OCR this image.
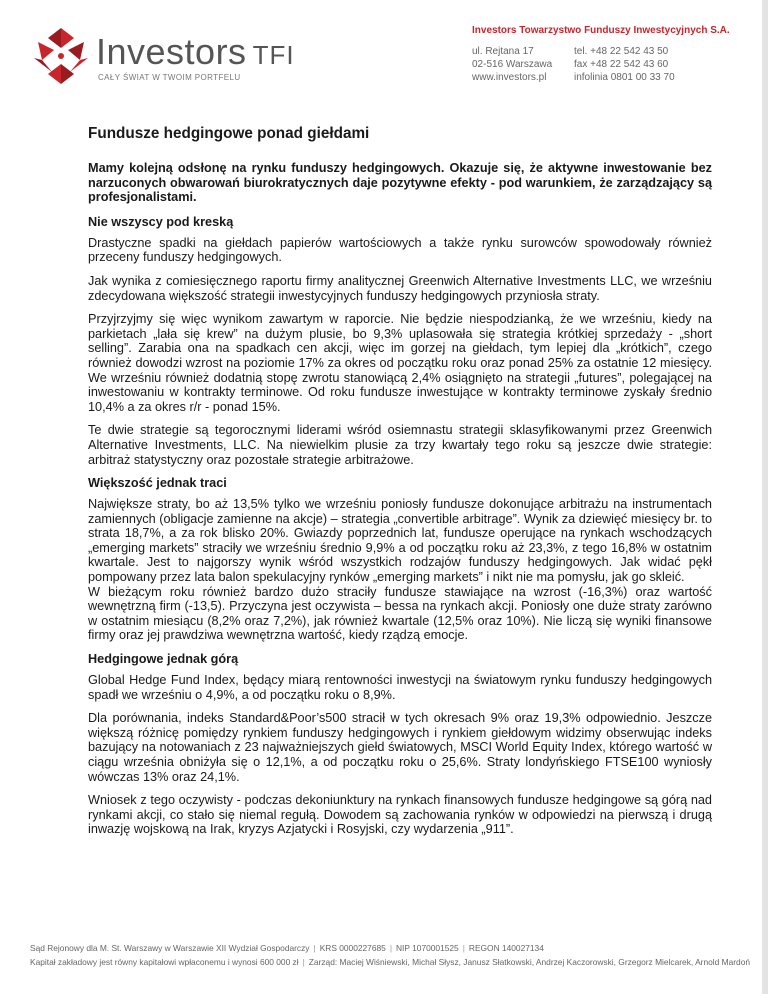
Investors TFI
CAŁY ŚWIAT W TWOIM PORTFELU
Investors Towarzystwo Funduszy Inwestycyjnych S.A.
ul. Rejtana 17
02-516 Warszawa
www.investors.pl
tel. +48 22 542 43 50
fax +48 22 542 43 60
infolinia 0801 00 33 70
Fundusze hedgingowe ponad giełdami

Mamy kolejną odsłonę na rynku funduszy hedgingowych. Okazuje się, że aktywne inwestowanie bez narzuconych obwarowań biurokratycznych daje pozytywne efekty - pod warunkiem, że zarządzający są profesjonalistami.

Nie wszyscy pod kreską

Drastyczne spadki na giełdach papierów wartościowych a także rynku surowców spowodowały również przeceny funduszy hedgingowych.

Jak wynika z comiesięcznego raportu firmy analitycznej Greenwich Alternative Investments LLC, we wrześniu zdecydowana większość strategii inwestycyjnych funduszy hedgingowych przyniosła straty.

Przyjrzyjmy się więc wynikom zawartym w raporcie. Nie będzie niespodzianką, że we wrześniu, kiedy na parkietach „lała się krew” na dużym plusie, bo 9,3% uplasowała się strategia krótkiej sprzedaży - „short selling”. Zarabia ona na spadkach cen akcji, więc im gorzej na giełdach, tym lepiej dla „krótkich”, czego również dowodzi wzrost na poziomie 17% za okres od początku roku oraz ponad 25% za ostatnie 12 miesięcy. We wrześniu również dodatnią stopę zwrotu stanowiącą 2,4% osiągnięto na strategii „futures”, polegającej na inwestowaniu w kontrakty terminowe. Od roku fundusze inwestujące w kontrakty terminowe zyskały średnio 10,4% a za okres r/r - ponad 15%.

Te dwie strategie są tegorocznymi liderami wśród osiemnastu strategii sklasyfikowanymi przez Greenwich Alternative Investments, LLC. Na niewielkim plusie za trzy kwartały tego roku są jeszcze dwie strategie: arbitraż statystyczny oraz pozostałe strategie arbitrażowe.

Większość jednak traci

Największe straty, bo aż 13,5% tylko we wrześniu poniosły fundusze dokonujące arbitrażu na instrumentach zamiennych (obligacje zamienne na akcje) – strategia „convertible arbitrage”. Wynik za dziewięć miesięcy br. to strata 18,7%, a za rok blisko 20%. Gwiazdy poprzednich lat, fundusze operujące na rynkach wschodzących „emerging markets” straciły we wrześniu średnio 9,9% a od początku roku aż 23,3%, z tego 16,8% w ostatnim kwartale. Jest to najgorszy wynik wśród wszystkich rodzajów funduszy hedgingowych. Jak widać pękł pompowany przez lata balon spekulacyjny rynków „emerging markets” i nikt nie ma pomysłu, jak go skleić.

W bieżącym roku również bardzo dużo straciły fundusze stawiające na wzrost (-16,3%) oraz wartość wewnętrzną firm (-13,5). Przyczyna jest oczywista – bessa na rynkach akcji. Poniosły one duże straty zarówno w ostatnim miesiącu (8,2% oraz 7,2%), jak również kwartale (12,5% oraz 10%). Nie liczą się wyniki finansowe firmy oraz jej prawdziwa wewnętrzna wartość, kiedy rządzą emocje.

Hedgingowe jednak górą

Global Hedge Fund Index, będący miarą rentowności inwestycji na światowym rynku funduszy hedgingowych spadł we wrześniu o 4,9%, a od początku roku o 8,9%.

Dla porównania, indeks Standard&Poor’s500 stracił w tych okresach 9% oraz 19,3% odpowiednio. Jeszcze większą różnicę pomiędzy rynkiem funduszy hedgingowych i rynkiem giełdowym widzimy obserwując indeks bazujący na notowaniach z 23 najważniejszych giełd światowych, MSCI World Equity Index, którego wartość w ciągu września obniżyła się o 12,1%, a od początku roku o 25,6%. Straty londyńskiego FTSE100 wyniosły wówczas 13% oraz 24,1%.

Wniosek z tego oczywisty - podczas dekoniunktury na rynkach finansowych fundusze hedgingowe są górą nad rynkami akcji, co stało się niemal regułą. Dowodem są zachowania rynków w odpowiedzi na pierwszą i drugą inwazję wojskową na Irak, kryzys Azjatycki i Rosyjski, czy wydarzenia „911”.

Sąd Rejonowy dla M. St. Warszawy w Warszawie XII Wydział Gospodarczy | KRS 0000227685 | NIP 1070001525 | REGON 140027134
Kapitał zakładowy jest równy kapitałowi wpłaconemu i wynosi 600 000 zł | Zarząd: Maciej Wiśniewski, Michał Słysz, Janusz Słatkowski, Andrzej Kaczorowski, Grzegorz Mielcarek, Arnold Mardoń
